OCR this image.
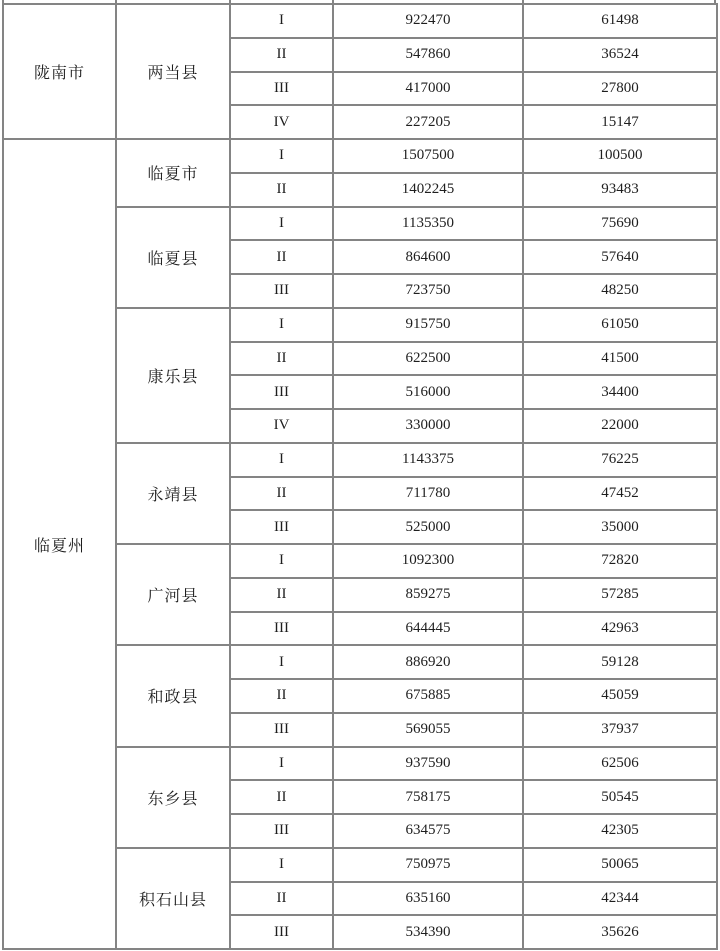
陇南市	两当县	I	922470	61498
		II	547860	36524
		III	417000	27800
		IV	227205	15147
临夏州	临夏市	I	1507500	100500
		II	1402245	93483
	临夏县	I	1135350	75690
		II	864600	57640
		III	723750	48250
	康乐县	I	915750	61050
		II	622500	41500
		III	516000	34400
		IV	330000	22000
	永靖县	I	1143375	76225
		II	711780	47452
		III	525000	35000
	广河县	I	1092300	72820
		II	859275	57285
		III	644445	42963
	和政县	I	886920	59128
		II	675885	45059
		III	569055	37937
	东乡县	I	937590	62506
		II	758175	50545
		III	634575	42305
	积石山县	I	750975	50065
		II	635160	42344
		III	534390	35626
